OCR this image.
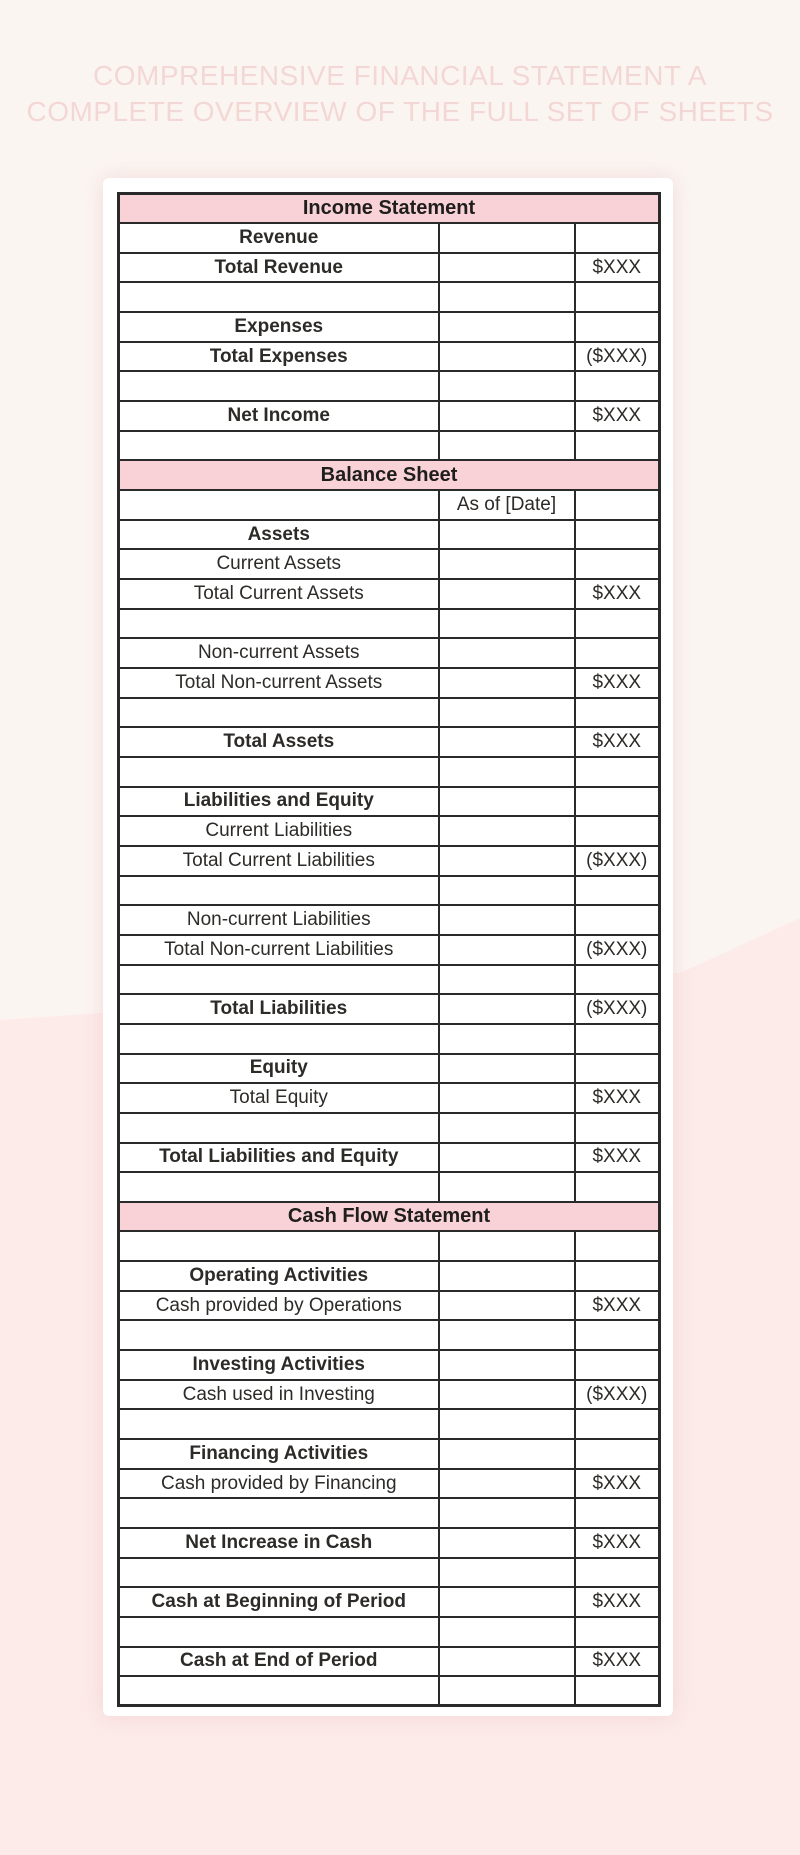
COMPREHENSIVE FINANCIAL STATEMENT A
COMPLETE OVERVIEW OF THE FULL SET OF SHEETS
Income Statement		
Revenue		
Total Revenue		$XXX

Expenses		
Total Expenses		($XXX)

Net Income		$XXX

Balance Sheet		
	As of [Date]	
Assets		
Current Assets		
Total Current Assets		$XXX

Non-current Assets		
Total Non-current Assets		$XXX

Total Assets		$XXX

Liabilities and Equity		
Current Liabilities		
Total Current Liabilities		($XXX)

Non-current Liabilities		
Total Non-current Liabilities		($XXX)

Total Liabilities		($XXX)

Equity		
Total Equity		$XXX

Total Liabilities and Equity		$XXX

Cash Flow Statement		

Operating Activities		
Cash provided by Operations		$XXX

Investing Activities		
Cash used in Investing		($XXX)

Financing Activities		
Cash provided by Financing		$XXX

Net Increase in Cash		$XXX

Cash at Beginning of Period		$XXX

Cash at End of Period		$XXX
